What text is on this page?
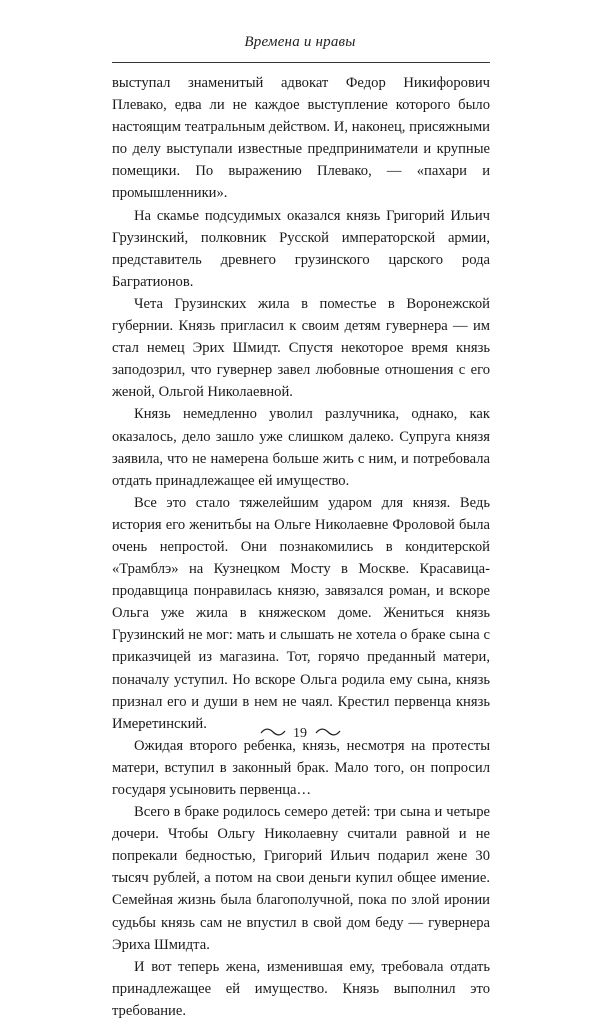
Времена и нравы

выступал знаменитый адвокат Федор Никифорович Плевако, едва ли не каждое выступление которого было настоящим театральным действом. И, наконец, присяжными по делу выступали известные предприниматели и крупные помещики. По выражению Плевако, — «пахари и промышленники».

На скамье подсудимых оказался князь Григорий Ильич Грузинский, полковник Русской императорской армии, представитель древнего грузинского царского рода Багратионов.

Чета Грузинских жила в поместье в Воронежской губернии. Князь пригласил к своим детям гувернера — им стал немец Эрих Шмидт. Спустя некоторое время князь заподозрил, что гувернер завел любовные отношения с его женой, Ольгой Николаевной.

Князь немедленно уволил разлучника, однако, как оказалось, дело зашло уже слишком далеко. Супруга князя заявила, что не намерена больше жить с ним, и потребовала отдать принадлежащее ей имущество.

Все это стало тяжелейшим ударом для князя. Ведь история его женитьбы на Ольге Николаевне Фроловой была очень непростой. Они познакомились в кондитерской «Трамблэ» на Кузнецком Мосту в Москве. Красавица-продавщица понравилась князю, завязался роман, и вскоре Ольга уже жила в княжеском доме. Жениться князь Грузинский не мог: мать и слышать не хотела о браке сына с приказчицей из магазина. Тот, горячо преданный матери, поначалу уступил. Но вскоре Ольга родила ему сына, князь признал его и души в нем не чаял. Крестил первенца князь Имеретинский.

Ожидая второго ребенка, князь, несмотря на протесты матери, вступил в законный брак. Мало того, он попросил государя усыновить первенца…

Всего в браке родилось семеро детей: три сына и четыре дочери. Чтобы Ольгу Николаевну считали равной и не попрекали бедностью, Григорий Ильич подарил жене 30 тысяч рублей, а потом на свои деньги купил общее имение. Семейная жизнь была благополучной, пока по злой иронии судьбы князь сам не впустил в свой дом беду — гувернера Эриха Шмидта.

И вот теперь жена, изменившая ему, требовала отдать принадлежащее ей имущество. Князь выполнил это требование.

19
